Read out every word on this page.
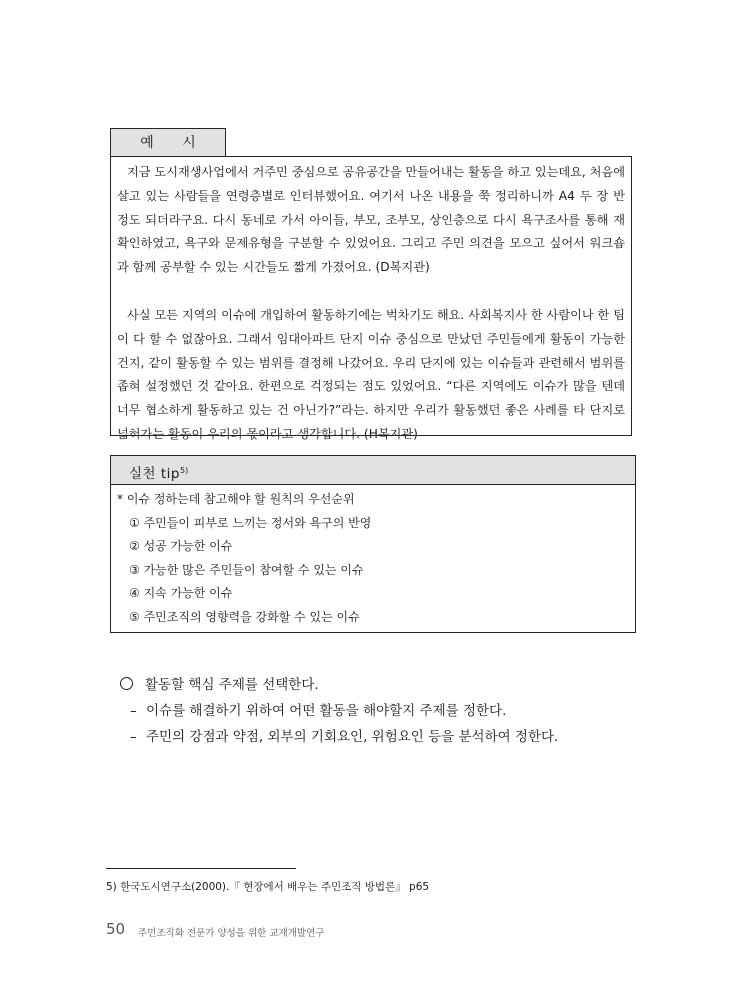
예 시

지금 도시재생사업에서 거주민 중심으로 공유공간을 만들어내는 활동을 하고 있는데요, 처음에 살고 있는 사람들을 연령층별로 인터뷰했어요. 여기서 나온 내용을 쭉 정리하니까 A4 두 장 반 정도 되더라구요. 다시 동네로 가서 아이들, 부모, 조부모, 상인층으로 다시 욕구조사를 통해 재확인하였고, 욕구와 문제유형을 구분할 수 있었어요. 그리고 주민 의견을 모으고 싶어서 워크숍과 함께 공부할 수 있는 시간들도 짧게 가졌어요. (D복지관)

사실 모든 지역의 이슈에 개입하여 활동하기에는 벅차기도 해요. 사회복지사 한 사람이나 한 팀이 다 할 수 없잖아요. 그래서 임대아파트 단지 이슈 중심으로 만났던 주민들에게 활동이 가능한 건지, 같이 활동할 수 있는 범위를 결정해 나갔어요. 우리 단지에 있는 이슈들과 관련해서 범위를 좁혀 설정했던 것 같아요. 한편으로 걱정되는 점도 있었어요. “다른 지역에도 이슈가 많을 텐데 너무 협소하게 활동하고 있는 건 아닌가?”라는. 하지만 우리가 활동했던 좋은 사례를 타 단지로 넓혀가는 활동이 우리의 몫이라고 생각합니다. (H복지관)

실천 tip$^{5)}$
* 이슈 정하는데 참고해야 할 원칙의 우선순위
① 주민들이 피부로 느끼는 정서와 욕구의 반영
② 성공 가능한 이슈
③ 가능한 많은 주민들이 참여할 수 있는 이슈
④ 지속 가능한 이슈
⑤ 주민조직의 영향력을 강화할 수 있는 이슈
활동할 핵심 주제를 선택한다.
– 이슈를 해결하기 위하여 어떤 활동을 해야할지 주제를 정한다.
– 주민의 강점과 약점, 외부의 기회요인, 위험요인 등을 분석하여 정한다.
5) 한국도시연구소(2000).『 현장에서 배우는 주민조직 방법론』 p65
50 주민조직화 전문가 양성을 위한 교재개발연구
